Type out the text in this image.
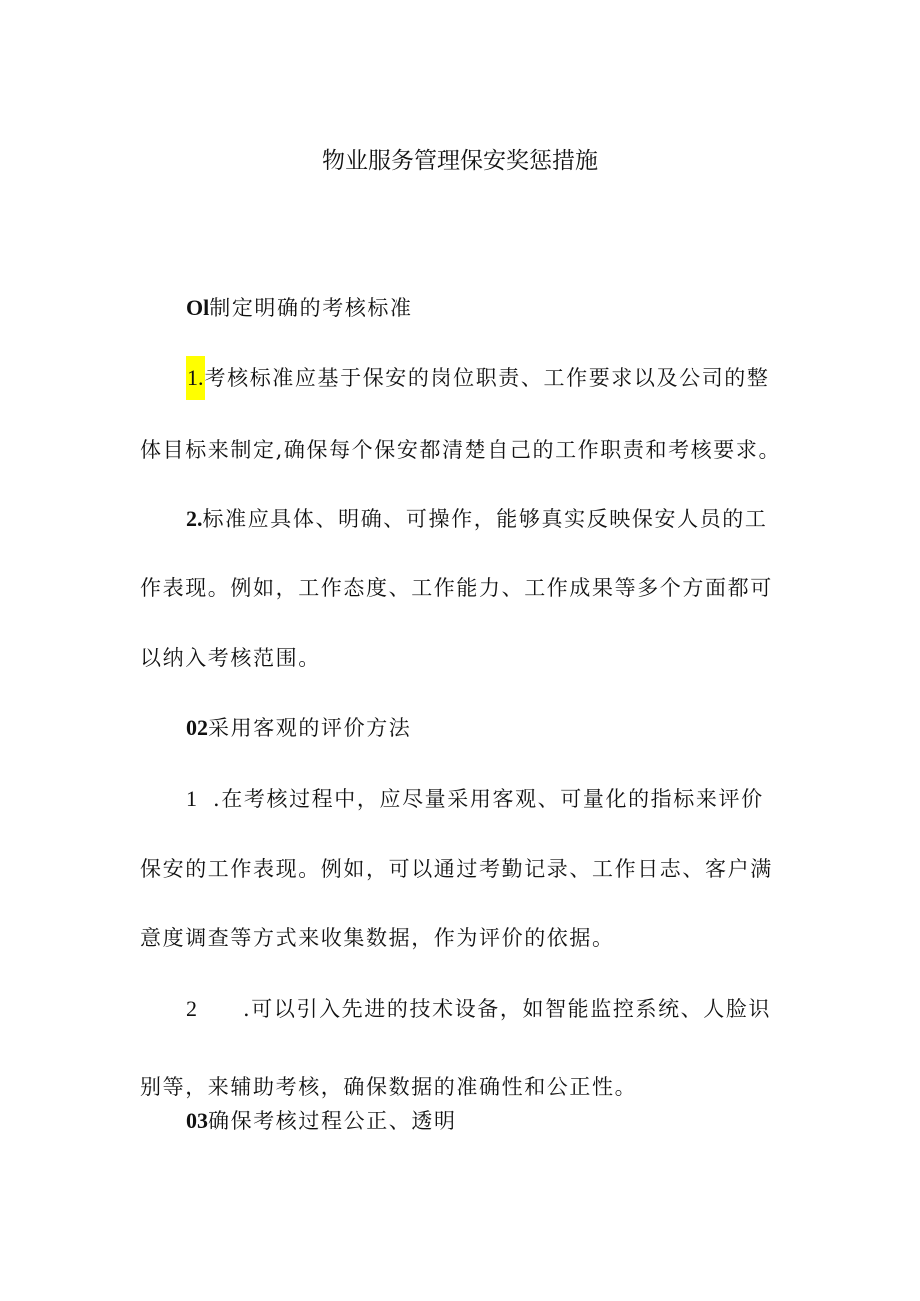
物业服务管理保安奖惩措施
Ol制定明确的考核标准
1.考核标准应基于保安的岗位职责、工作要求以及公司的整
体目标来制定,确保每个保安都清楚自己的工作职责和考核要求。
2.标准应具体、明确、可操作，能够真实反映保安人员的工
作表现。例如，工作态度、工作能力、工作成果等多个方面都可
以纳入考核范围。
02采用客观的评价方法
1 .在考核过程中，应尽量采用客观、可量化的指标来评价
保安的工作表现。例如，可以通过考勤记录、工作日志、客户满
意度调查等方式来收集数据，作为评价的依据。
2 .可以引入先进的技术设备，如智能监控系统、人脸识
别等，来辅助考核，确保数据的准确性和公正性。
03确保考核过程公正、透明
